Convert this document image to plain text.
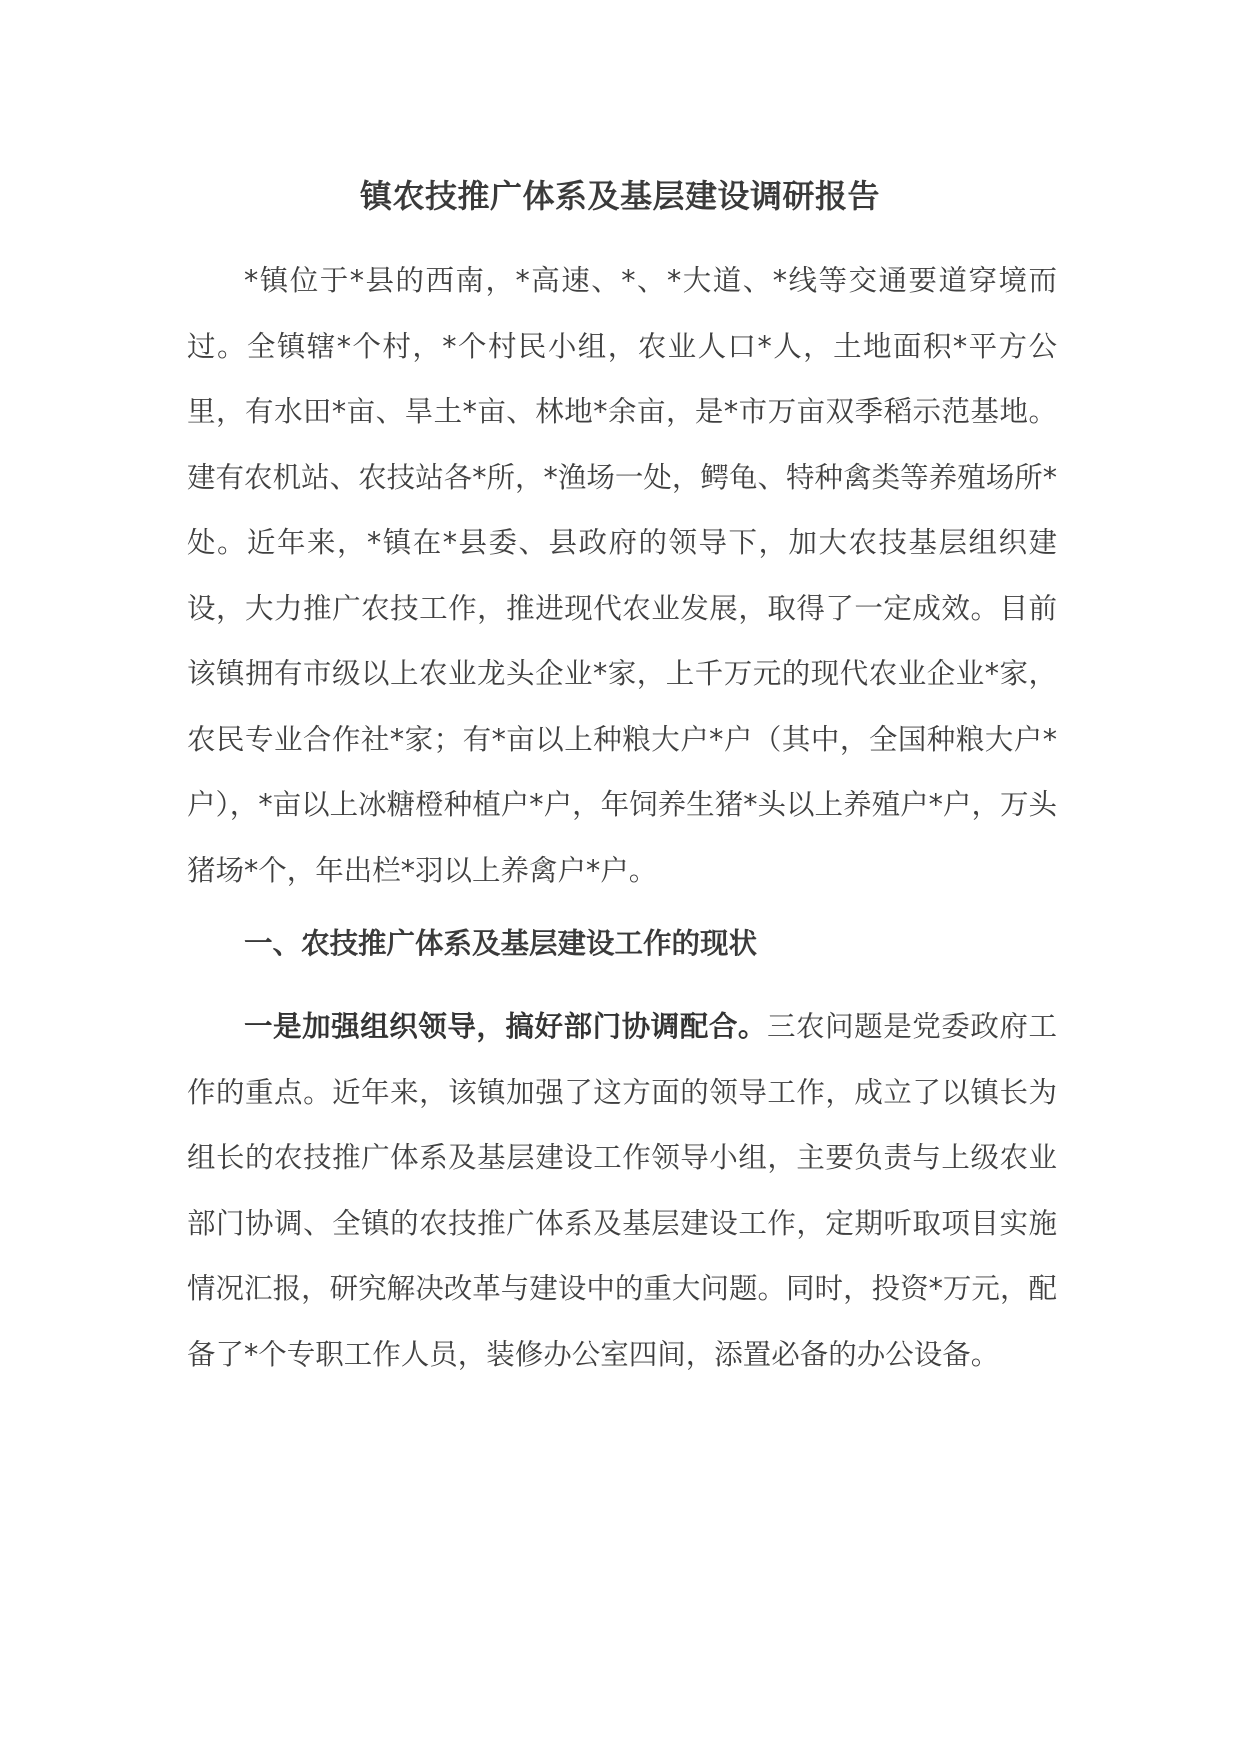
镇农技推广体系及基层建设调研报告

*镇位于*县的西南，*高速、*、*大道、*线等交通要道穿境而过。全镇辖*个村，*个村民小组，农业人口*人，土地面积*平方公里，有水田*亩、旱土*亩、林地*余亩，是*市万亩双季稻示范基地。建有农机站、农技站各*所，*渔场一处，鳄龟、特种禽类等养殖场所*处。近年来，*镇在*县委、县政府的领导下，加大农技基层组织建设，大力推广农技工作，推进现代农业发展，取得了一定成效。目前该镇拥有市级以上农业龙头企业*家，上千万元的现代农业企业*家，农民专业合作社*家；有*亩以上种粮大户*户（其中，全国种粮大户*户），*亩以上冰糖橙种植户*户，年饲养生猪*头以上养殖户*户，万头猪场*个，年出栏*羽以上养禽户*户。

一、农技推广体系及基层建设工作的现状

一是加强组织领导，搞好部门协调配合。三农问题是党委政府工作的重点。近年来，该镇加强了这方面的领导工作，成立了以镇长为组长的农技推广体系及基层建设工作领导小组，主要负责与上级农业部门协调、全镇的农技推广体系及基层建设工作，定期听取项目实施情况汇报，研究解决改革与建设中的重大问题。同时，投资*万元，配备了*个专职工作人员，装修办公室四间，添置必备的办公设备。
